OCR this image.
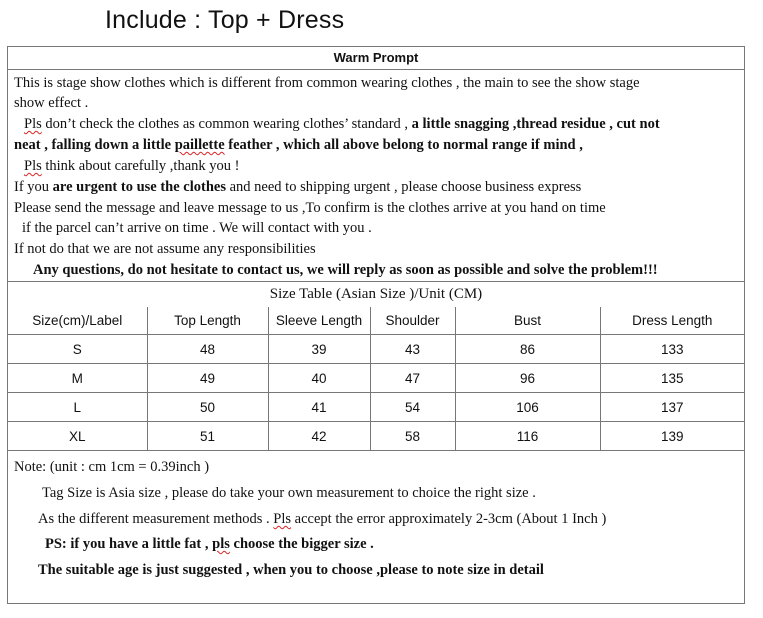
Include : Top + Dress
Warm Prompt
This is stage show clothes which is different from common wearing clothes , the main to see the show stage
show effect .
Pls don’t check the clothes as common wearing clothes’ standard , a little snagging ,thread residue , cut not
neat , falling down a little paillette feather , which all above belong to normal range if mind ,
Pls think about carefully ,thank you !
If you are urgent to use the clothes and need to shipping urgent , please choose business express
Please send the message and leave message to us ,To confirm is the clothes arrive at you hand on time
if the parcel can’t arrive on time . We will contact with you .
If not do that we are not assume any responsibilities
Any questions, do not hesitate to contact us, we will reply as soon as possible and solve the problem!!!
Size Table (Asian Size )/Unit (CM)
Size(cm)/Label	Top Length	Sleeve Length	Shoulder	Bust	Dress Length
S	48	39	43	86	133
M	49	40	47	96	135
L	50	41	54	106	137
XL	51	42	58	116	139
Note: (unit : cm 1cm = 0.39inch )
Tag Size is Asia size , please do take your own measurement to choice the right size .
As the different measurement methods . Pls accept the error approximately 2-3cm (About 1 Inch )
PS: if you have a little fat , pls choose the bigger size .
The suitable age is just suggested , when you to choose ,please to note size in detail
